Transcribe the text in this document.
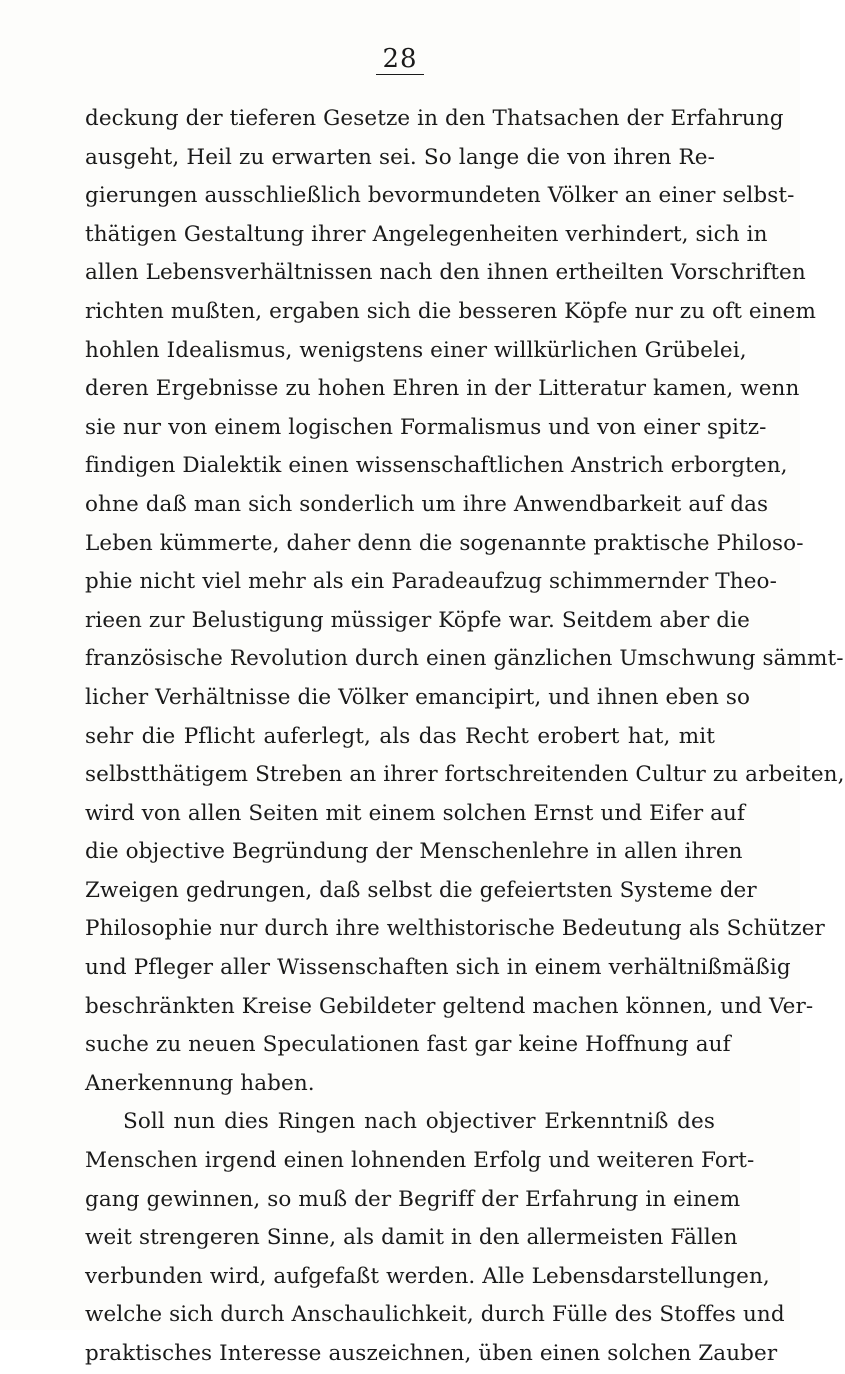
28
deckung der tieferen Gesetze in den Thatsachen der Erfahrung
ausgeht, Heil zu erwarten sei. So lange die von ihren Re-
gierungen ausschließlich bevormundeten Völker an einer selbst-
thätigen Gestaltung ihrer Angelegenheiten verhindert, sich in
allen Lebensverhältnissen nach den ihnen ertheilten Vorschriften
richten mußten, ergaben sich die besseren Köpfe nur zu oft einem
hohlen Idealismus, wenigstens einer willkürlichen Grübelei,
deren Ergebnisse zu hohen Ehren in der Litteratur kamen, wenn
sie nur von einem logischen Formalismus und von einer spitz-
findigen Dialektik einen wissenschaftlichen Anstrich erborgten,
ohne daß man sich sonderlich um ihre Anwendbarkeit auf das
Leben kümmerte, daher denn die sogenannte praktische Philoso-
phie nicht viel mehr als ein Paradeaufzug schimmernder Theo-
rieen zur Belustigung müssiger Köpfe war. Seitdem aber die
französische Revolution durch einen gänzlichen Umschwung sämmt-
licher Verhältnisse die Völker emancipirt, und ihnen eben so
sehr die Pflicht auferlegt, als das Recht erobert hat, mit
selbstthätigem Streben an ihrer fortschreitenden Cultur zu arbeiten,
wird von allen Seiten mit einem solchen Ernst und Eifer auf
die objective Begründung der Menschenlehre in allen ihren
Zweigen gedrungen, daß selbst die gefeiertsten Systeme der
Philosophie nur durch ihre welthistorische Bedeutung als Schützer
und Pfleger aller Wissenschaften sich in einem verhältnißmäßig
beschränkten Kreise Gebildeter geltend machen können, und Ver-
suche zu neuen Speculationen fast gar keine Hoffnung auf
Anerkennung haben.
Soll nun dies Ringen nach objectiver Erkenntniß des
Menschen irgend einen lohnenden Erfolg und weiteren Fort-
gang gewinnen, so muß der Begriff der Erfahrung in einem
weit strengeren Sinne, als damit in den allermeisten Fällen
verbunden wird, aufgefaßt werden. Alle Lebensdarstellungen,
welche sich durch Anschaulichkeit, durch Fülle des Stoffes und
praktisches Interesse auszeichnen, üben einen solchen Zauber
